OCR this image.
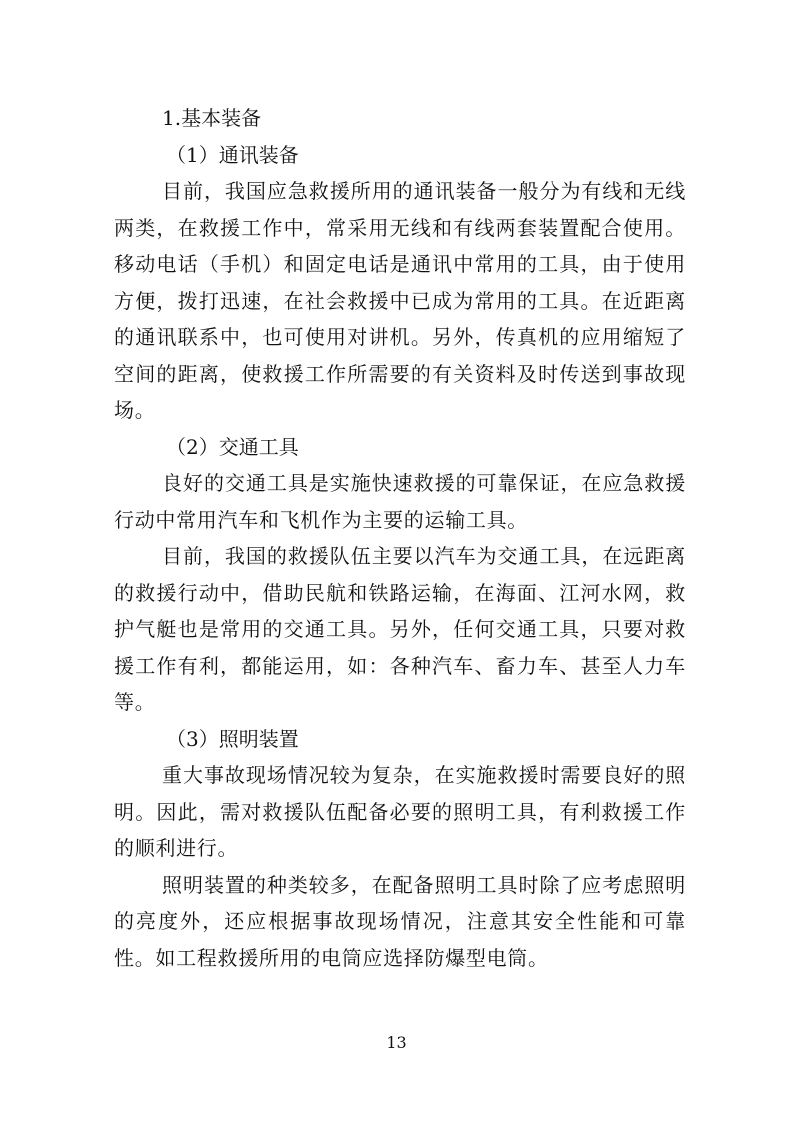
1.基本装备

（1）通讯装备

目前，我国应急救援所用的通讯装备一般分为有线和无线两类，在救援工作中，常采用无线和有线两套装置配合使用。移动电话（手机）和固定电话是通讯中常用的工具，由于使用方便，拨打迅速，在社会救援中已成为常用的工具。在近距离的通讯联系中，也可使用对讲机。另外，传真机的应用缩短了空间的距离，使救援工作所需要的有关资料及时传送到事故现场。

（2）交通工具

良好的交通工具是实施快速救援的可靠保证，在应急救援行动中常用汽车和飞机作为主要的运输工具。

目前，我国的救援队伍主要以汽车为交通工具，在远距离的救援行动中，借助民航和铁路运输，在海面、江河水网，救护气艇也是常用的交通工具。另外，任何交通工具，只要对救援工作有利，都能运用，如：各种汽车、畜力车、甚至人力车等。

（3）照明装置

重大事故现场情况较为复杂，在实施救援时需要良好的照明。因此，需对救援队伍配备必要的照明工具，有利救援工作的顺利进行。

照明装置的种类较多，在配备照明工具时除了应考虑照明的亮度外，还应根据事故现场情况，注意其安全性能和可靠性。如工程救援所用的电筒应选择防爆型电筒。

13
